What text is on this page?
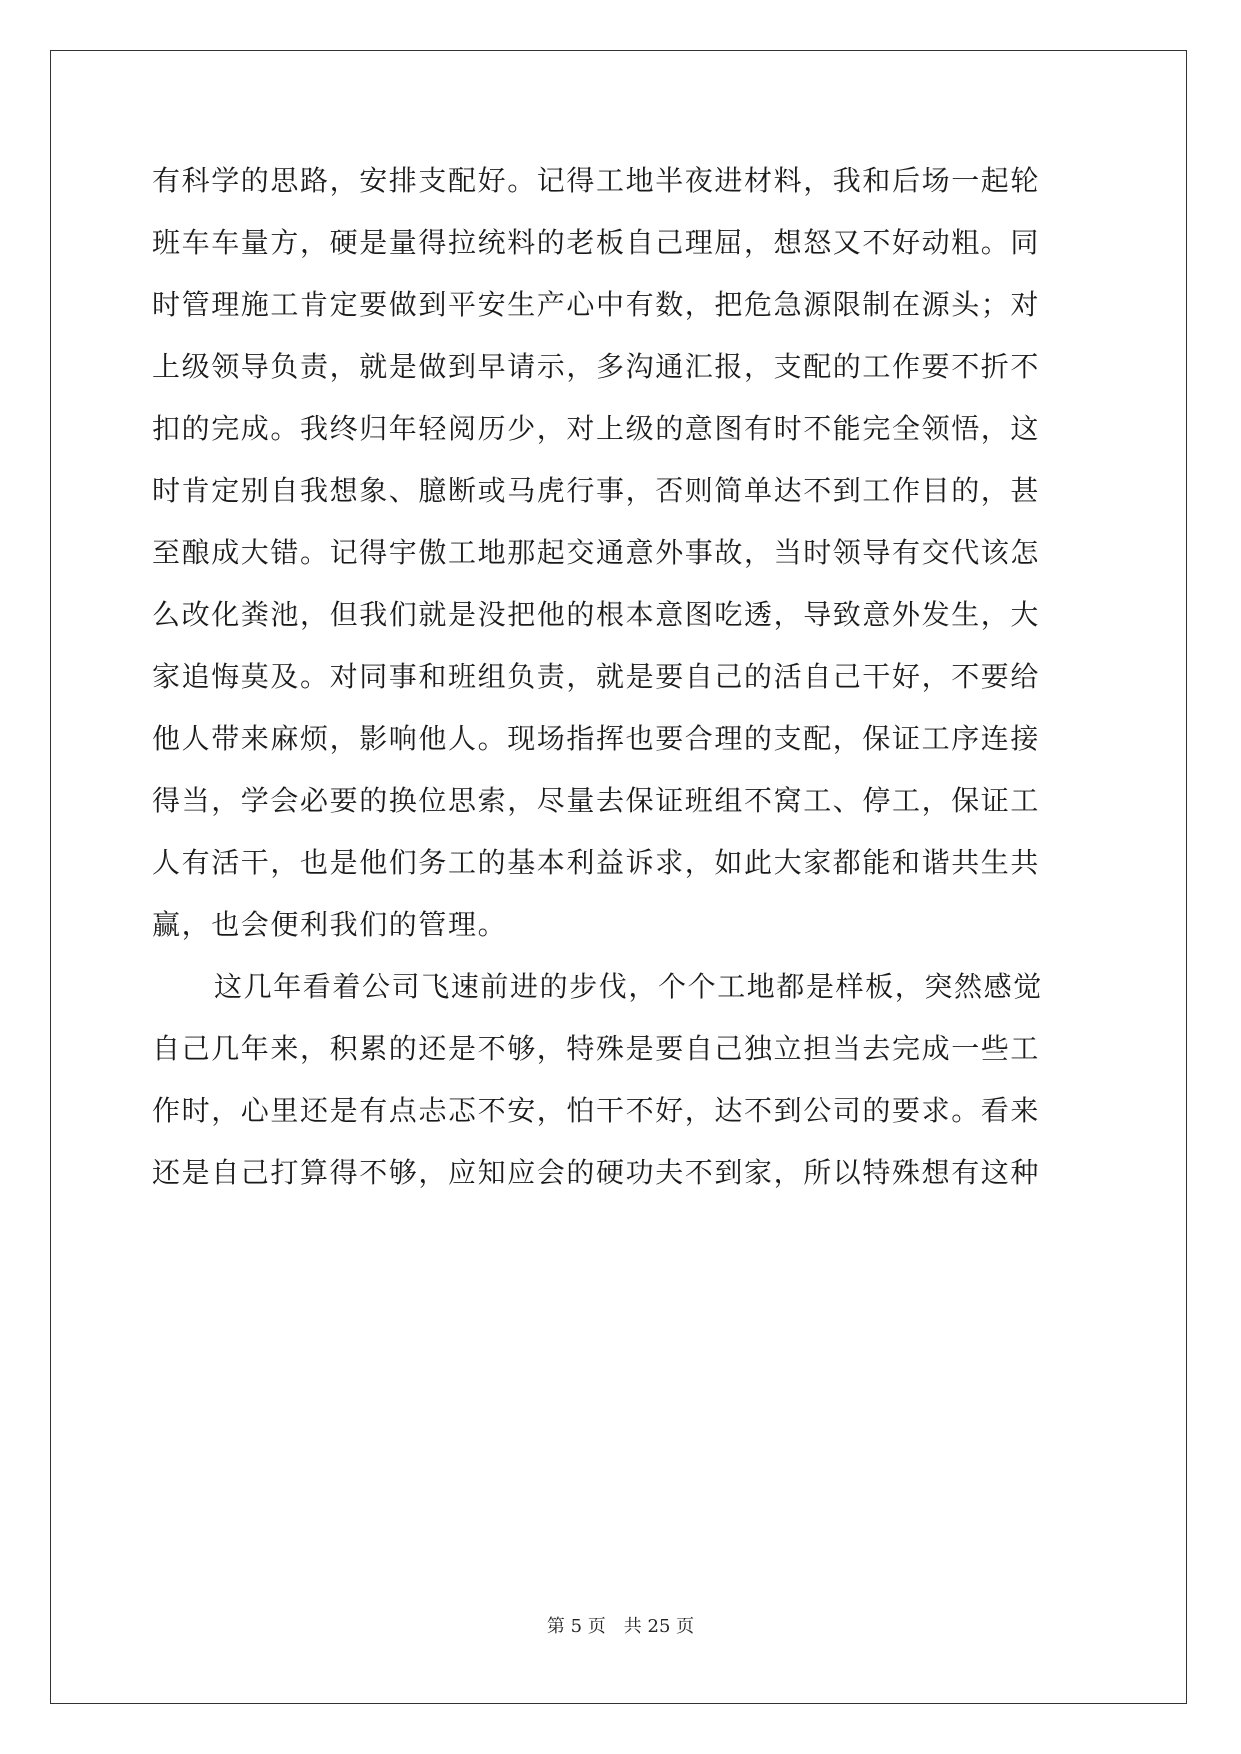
有科学的思路，安排支配好。记得工地半夜进材料，我和后场一起轮
班车车量方，硬是量得拉统料的老板自己理屈，想怒又不好动粗。同
时管理施工肯定要做到平安生产心中有数，把危急源限制在源头；对
上级领导负责，就是做到早请示，多沟通汇报，支配的工作要不折不
扣的完成。我终归年轻阅历少，对上级的意图有时不能完全领悟，这
时肯定别自我想象、臆断或马虎行事，否则简单达不到工作目的，甚
至酿成大错。记得宇傲工地那起交通意外事故，当时领导有交代该怎
么改化粪池，但我们就是没把他的根本意图吃透，导致意外发生，大
家追悔莫及。对同事和班组负责，就是要自己的活自己干好，不要给
他人带来麻烦，影响他人。现场指挥也要合理的支配，保证工序连接
得当，学会必要的换位思索，尽量去保证班组不窝工、停工，保证工
人有活干，也是他们务工的基本利益诉求，如此大家都能和谐共生共
赢，也会便利我们的管理。
这几年看着公司飞速前进的步伐，个个工地都是样板，突然感觉
自己几年来，积累的还是不够，特殊是要自己独立担当去完成一些工
作时，心里还是有点忐忑不安，怕干不好，达不到公司的要求。看来
还是自己打算得不够，应知应会的硬功夫不到家，所以特殊想有这种
第 5 页 共 25 页
